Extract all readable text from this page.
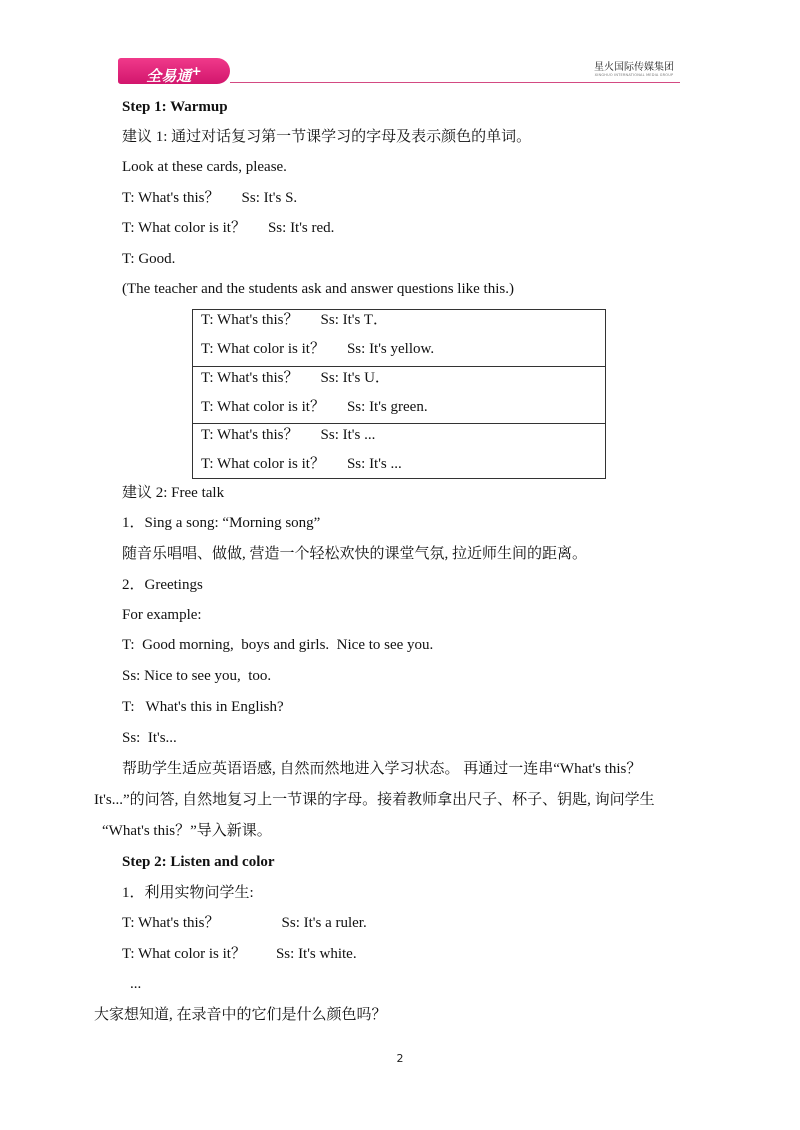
全易通+	星火国际传媒集团
XINGHUO INTERNATIONAL MEDIA GROUP
Step 1: Warmup
建议 1: 通过对话复习第一节课学习的字母及表示颜色的单词。
Look at these cards, please.
T: What's this？ Ss: It's S.
T: What color is it？ Ss: It's red.
T: Good.
(The teacher and the students ask and answer questions like this.)
T: What's this？ Ss: It's T．
T: What color is it？ Ss: It's yellow.
T: What's this？ Ss: It's U．
T: What color is it？ Ss: It's green.
T: What's this？ Ss: It's ...
T: What color is it？ Ss: It's ...
建议 2: Free talk
1．Sing a song: “Morning song”
随音乐唱唱、做做, 营造一个轻松欢快的课堂气氛, 拉近师生间的距离。
2．Greetings
For example:
T:  Good morning,  boys and girls.  Nice to see you.
Ss: Nice to see you,  too.
T:   What's this in English?
Ss:  It's...
帮助学生适应英语语感, 自然而然地进入学习状态。 再通过一连串“What's this？
It's...”的问答, 自然地复习上一节课的字母。接着教师拿出尺子、杯子、钥匙, 询问学生
“What's this？”导入新课。
Step 2: Listen and color
1．利用实物问学生:
T: What's this？	Ss: It's a ruler.
T: What color is it？ Ss: It's white.
...
大家想知道, 在录音中的它们是什么颜色吗？
2
